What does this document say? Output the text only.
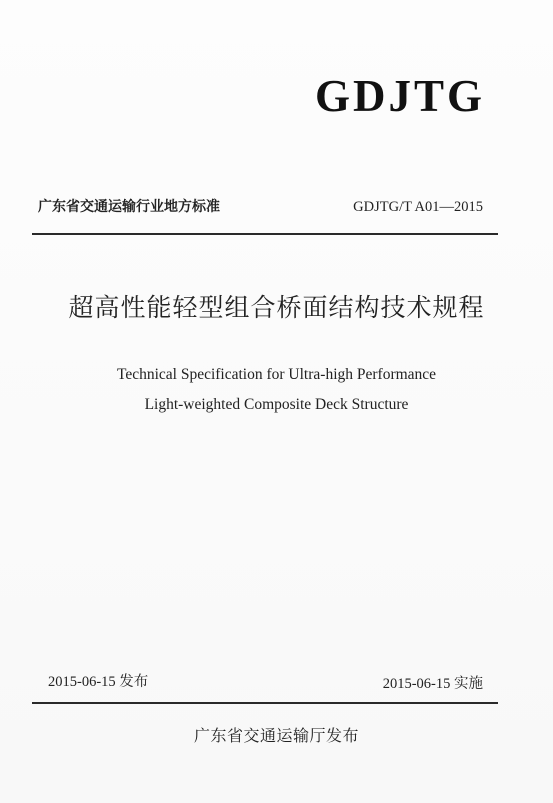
GDJTG
广东省交通运输行业地方标准	GDJTG/T A01—2015
超高性能轻型组合桥面结构技术规程
Technical Specification for Ultra-high Performance
Light-weighted Composite Deck Structure
2015-06-15 发布	2015-06-15 实施
广东省交通运输厅发布
